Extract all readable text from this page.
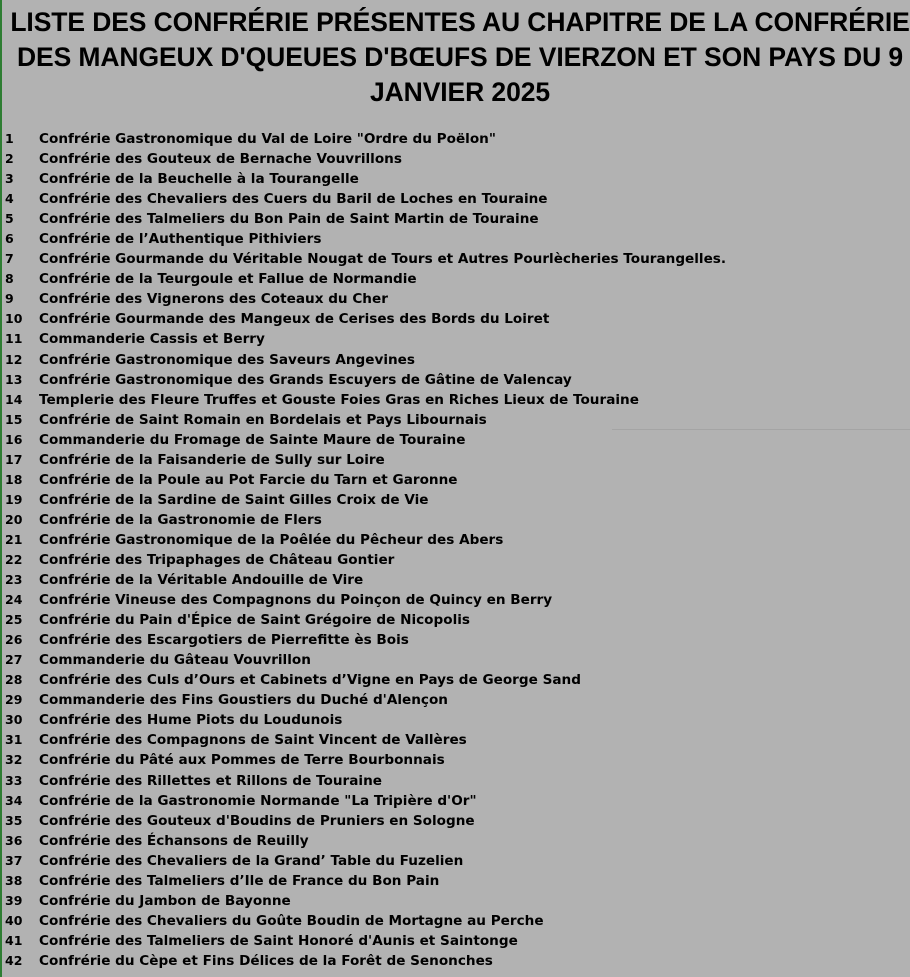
LISTE DES CONFRÉRIE PRÉSENTES AU CHAPITRE DE LA CONFRÉRIE DES MANGEUX D'QUEUES D'BŒUFS DE VIERZON ET SON PAYS DU 9 JANVIER 2025
1 Confrérie Gastronomique du Val de Loire "Ordre du Poëlon"
2 Confrérie des Gouteux de Bernache Vouvrillons
3 Confrérie de la Beuchelle à la Tourangelle
4 Confrérie des Chevaliers des Cuers du Baril de Loches en Touraine
5 Confrérie des Talmeliers du Bon Pain de Saint Martin de Touraine
6 Confrérie de l’Authentique Pithiviers
7 Confrérie Gourmande du Véritable Nougat de Tours et Autres Pourlècheries Tourangelles.
8 Confrérie de la Teurgoule et Fallue de Normandie
9 Confrérie des Vignerons des Coteaux du Cher
10 Confrérie Gourmande des Mangeux de Cerises des Bords du Loiret
11 Commanderie Cassis et Berry
12 Confrérie Gastronomique des Saveurs Angevines
13 Confrérie Gastronomique des Grands Escuyers de Gâtine de Valencay
14 Templerie des Fleure Truffes et Gouste Foies Gras en Riches Lieux de Touraine
15 Confrérie de Saint Romain en Bordelais et Pays Libournais
16 Commanderie du Fromage de Sainte Maure de Touraine
17 Confrérie de la Faisanderie de Sully sur Loire
18 Confrérie de la Poule au Pot Farcie du Tarn et Garonne
19 Confrérie de la Sardine de Saint Gilles Croix de Vie
20 Confrérie de la Gastronomie de Flers
21 Confrérie Gastronomique de la Poêlée du Pêcheur des Abers
22 Confrérie des Tripaphages de Château Gontier
23 Confrérie de la Véritable Andouille de Vire
24 Confrérie Vineuse des Compagnons du Poinçon de Quincy en Berry
25 Confrérie du Pain d'Épice de Saint Grégoire de Nicopolis
26 Confrérie des Escargotiers de Pierrefitte ès Bois
27 Commanderie du Gâteau Vouvrillon
28 Confrérie des Culs d’Ours et Cabinets d’Vigne en Pays de George Sand
29 Commanderie des Fins Goustiers du Duché d'Alençon
30 Confrérie des Hume Piots du Loudunois
31 Confrérie des Compagnons de Saint Vincent de Vallères
32 Confrérie du Pâté aux Pommes de Terre Bourbonnais
33 Confrérie des Rillettes et Rillons de Touraine
34 Confrérie de la Gastronomie Normande "La Tripière d'Or"
35 Confrérie des Gouteux d'Boudins de Pruniers en Sologne
36 Confrérie des Échansons de Reuilly
37 Confrérie des Chevaliers de la Grand’ Table du Fuzelien
38 Confrérie des Talmeliers d’Ile de France du Bon Pain
39 Confrérie du Jambon de Bayonne
40 Confrérie des Chevaliers du Goûte Boudin de Mortagne au Perche
41 Confrérie des Talmeliers de Saint Honoré d'Aunis et Saintonge
42 Confrérie du Cèpe et Fins Délices de la Forêt de Senonches
